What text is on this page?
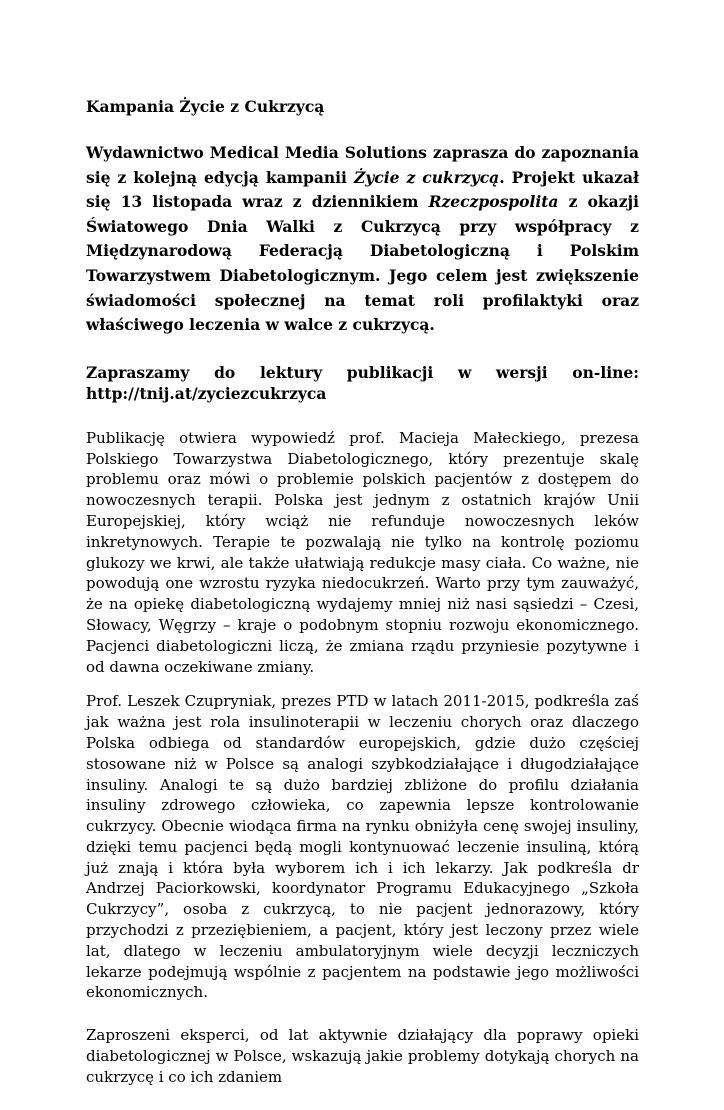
Kampania Życie z Cukrzycą

Wydawnictwo Medical Media Solutions zaprasza do zapoznania się z kolejną edycją kampanii Życie z cukrzycą. Projekt ukazał się 13 listopada wraz z dziennikiem Rzeczpospolita z okazji Światowego Dnia Walki z Cukrzycą przy współpracy z Międzynarodową Federacją Diabetologiczną i Polskim Towarzystwem Diabetologicznym. Jego celem jest zwiększenie świadomości społecznej na temat roli profilaktyki oraz właściwego leczenia w walce z cukrzycą.

Zapraszamy do lektury publikacji w wersji on-line:
http://tnij.at/zyciezcukrzyca

Publikację otwiera wypowiedź prof. Macieja Małeckiego, prezesa Polskiego Towarzystwa Diabetologicznego, który prezentuje skalę problemu oraz mówi o problemie polskich pacjentów z dostępem do nowoczesnych terapii. Polska jest jednym z ostatnich krajów Unii Europejskiej, który wciąż nie refunduje nowoczesnych leków inkretynowych. Terapie te pozwalają nie tylko na kontrolę poziomu glukozy we krwi, ale także ułatwiają redukcje masy ciała. Co ważne, nie powodują one wzrostu ryzyka niedocukrzeń. Warto przy tym zauważyć, że na opiekę diabetologiczną wydajemy mniej niż nasi sąsiedzi – Czesi, Słowacy, Węgrzy – kraje o podobnym stopniu rozwoju ekonomicznego. Pacjenci diabetologiczni liczą, że zmiana rządu przyniesie pozytywne i od dawna oczekiwane zmiany.

Prof. Leszek Czupryniak, prezes PTD w latach 2011-2015, podkreśla zaś jak ważna jest rola insulinoterapii w leczeniu chorych oraz dlaczego Polska odbiega od standardów europejskich, gdzie dużo częściej stosowane niż w Polsce są analogi szybkodziałające i długodziałające insuliny. Analogi te są dużo bardziej zbliżone do profilu działania insuliny zdrowego człowieka, co zapewnia lepsze kontrolowanie cukrzycy. Obecnie wiodąca firma na rynku obniżyła cenę swojej insuliny, dzięki temu pacjenci będą mogli kontynuować leczenie insuliną, którą już znają i która była wyborem ich i ich lekarzy. Jak podkreśla dr Andrzej Paciorkowski, koordynator Programu Edukacyjnego „Szkoła Cukrzycy”, osoba z cukrzycą, to nie pacjent jednorazowy, który przychodzi z przeziębieniem, a pacjent, który jest leczony przez wiele lat, dlatego w leczeniu ambulatoryjnym wiele decyzji leczniczych lekarze podejmują wspólnie z pacjentem na podstawie jego możliwości ekonomicznych.

Zaproszeni eksperci, od lat aktywnie działający dla poprawy opieki diabetologicznej w Polsce, wskazują jakie problemy dotykają chorych na cukrzycę i co ich zdaniem
